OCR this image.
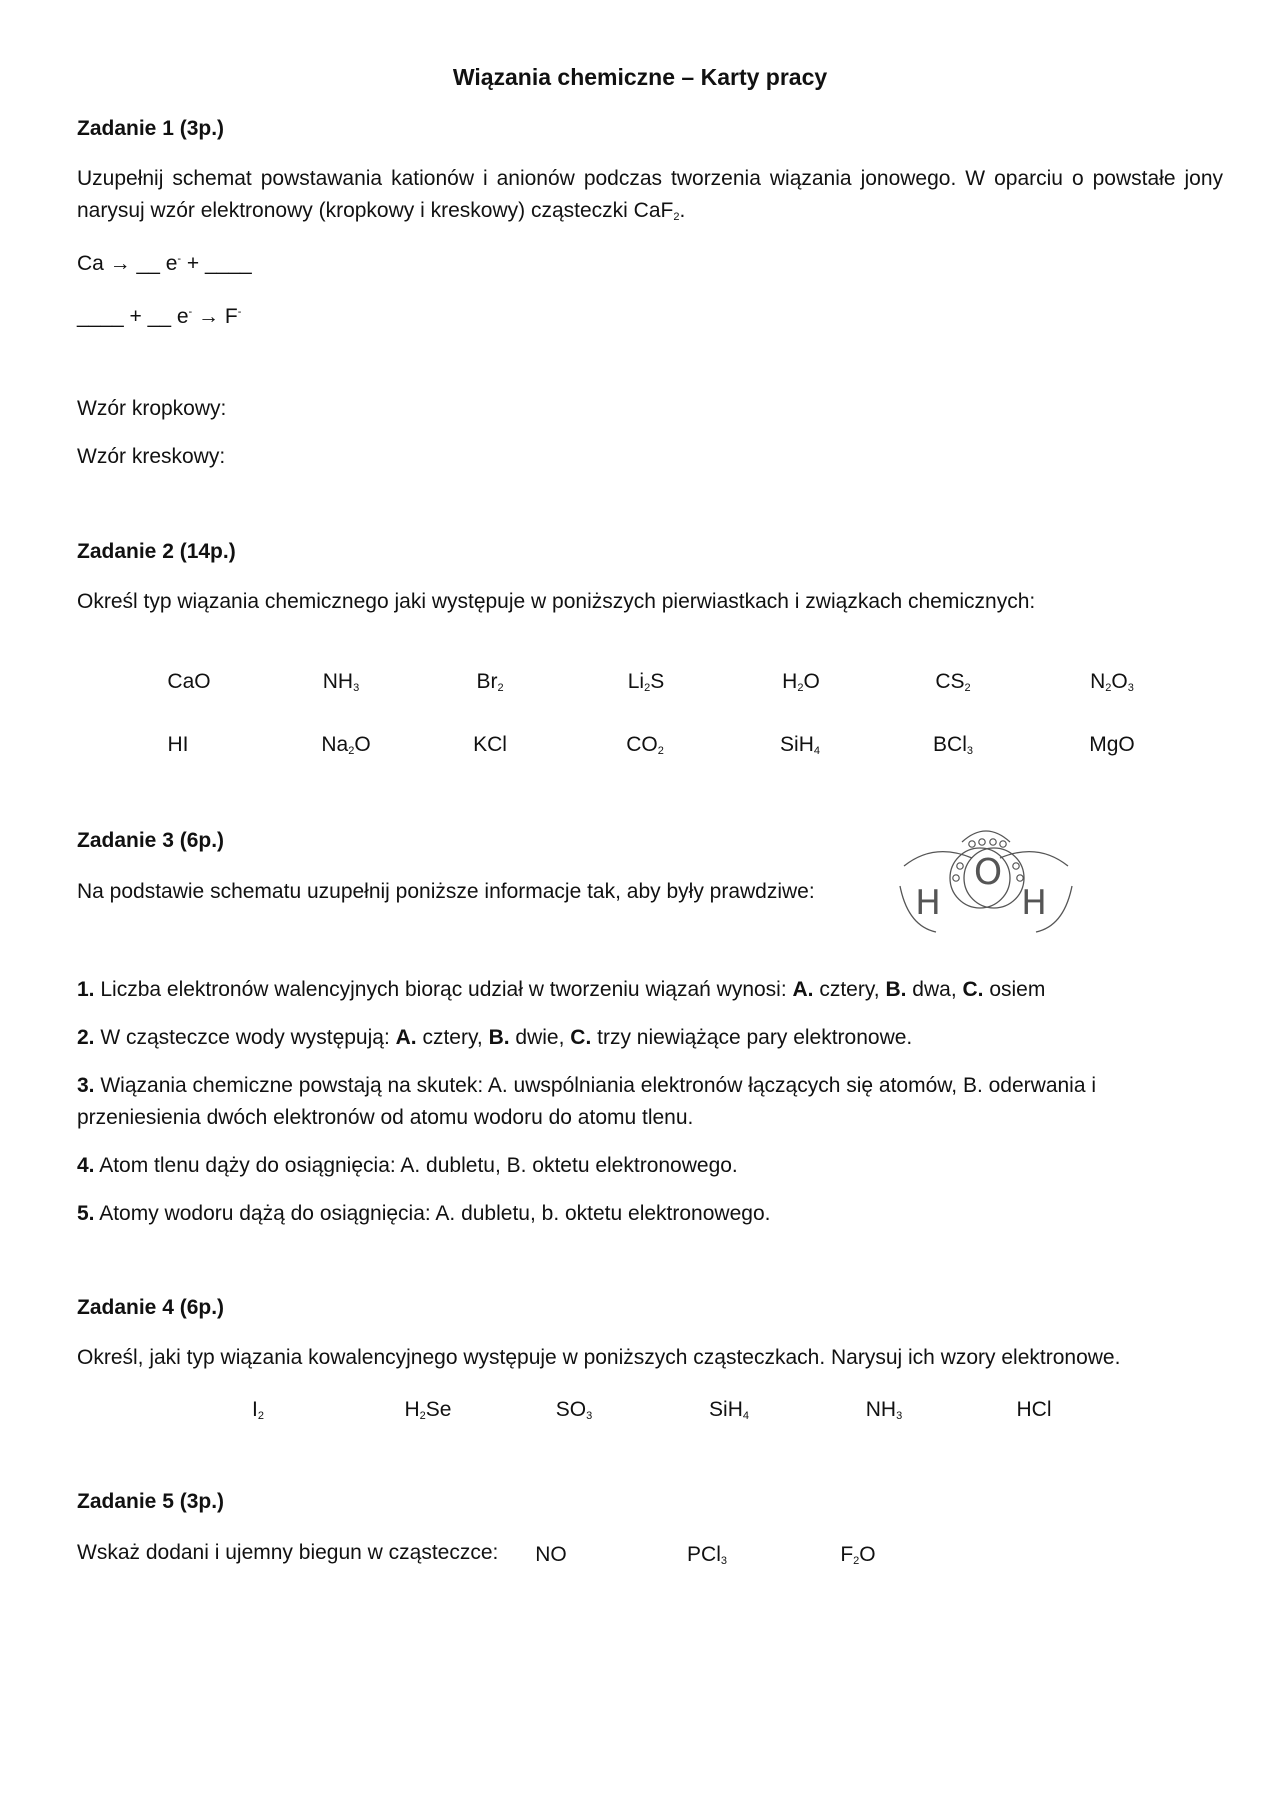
Wiązania chemiczne – Karty pracy
Zadanie 1 (3p.)
Uzupełnij schemat powstawania kationów i anionów podczas tworzenia wiązania jonowego. W oparciu o powstałe jony narysuj wzór elektronowy (kropkowy i kreskowy) cząsteczki CaF$_2$.
Ca → __ e- + ____
____ + __ e- → F-
Wzór kropkowy:
Wzór kreskowy:
Zadanie 2 (14p.)
Określ typ wiązania chemicznego jaki występuje w poniższych pierwiastkach i związkach chemicznych:
CaO	$NH_3$	$Br_2$	$Li_2S$	$H_2O$	$CS_2$	$N_2O_3$
HI	$Na_2O$	KCl	$CO_2$	SiH$_4$	BCl$_3$	MgO
Zadanie 3 (6p.)
Na podstawie schematu uzupełnij poniższe informacje tak, aby były prawdziwe:	O
H H
1. Liczba elektronów walencyjnych biorąc udział w tworzeniu wiązań wynosi: A. cztery, B. dwa, C. osiem
2. W cząsteczce wody występują: A. cztery, B. dwie, C. trzy niewiążące pary elektronowe.
3. Wiązania chemiczne powstają na skutek: A. uwspólniania elektronów łączących się atomów, B. oderwania i przeniesienia dwóch elektronów od atomu wodoru do atomu tlenu.
4. Atom tlenu dąży do osiągnięcia: A. dubletu, B. oktetu elektronowego.
5. Atomy wodoru dążą do osiągnięcia: A. dubletu, b. oktetu elektronowego.
Zadanie 4 (6p.)
Określ, jaki typ wiązania kowalencyjnego występuje w poniższych cząsteczkach. Narysuj ich wzory elektronowe.
$I_2$	$H_2Se$	$SO_3$	SiH$_4$	$NH_3$	HCl
Zadanie 5 (3p.)
Wskaż dodani i ujemny biegun w cząsteczce:	NO	PCl$_3$	$F_2O$
